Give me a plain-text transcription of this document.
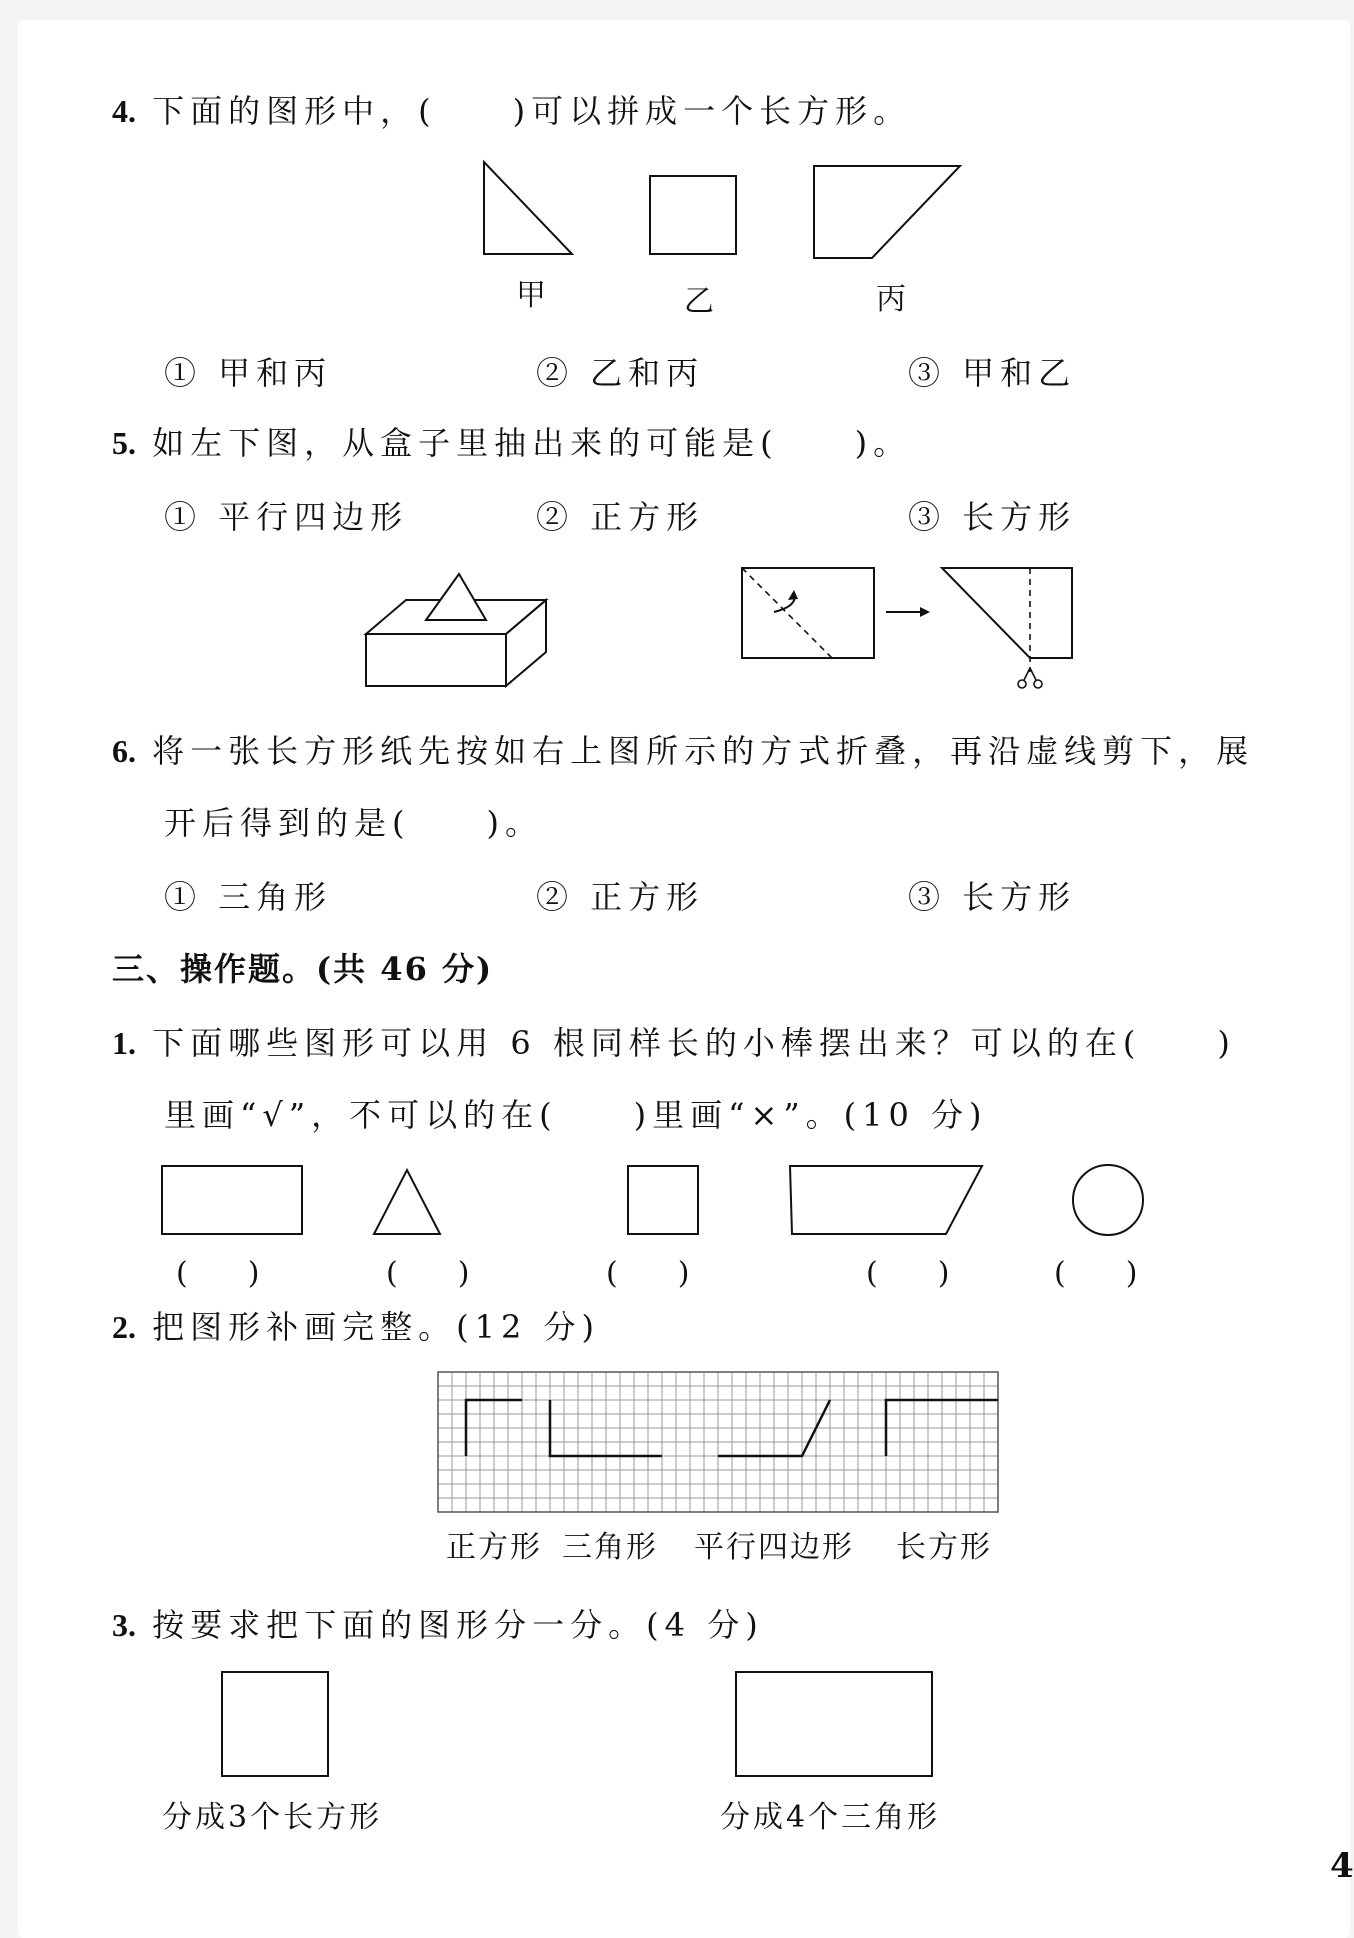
4. 下面的图形中，(　　)可以拼成一个长方形。
甲	乙	丙
① 甲和丙	② 乙和丙	③ 甲和乙
5. 如左下图，从盒子里抽出来的可能是(　　)。
① 平行四边形	② 正方形	③ 长方形
6. 将一张长方形纸先按如右上图所示的方式折叠，再沿虚线剪下，展
开后得到的是(　　)。
① 三角形	② 正方形	③ 长方形
三、操作题。(共 46 分)
1. 下面哪些图形可以用 6 根同样长的小棒摆出来？可以的在(　　)
里画“√”，不可以的在(　　)里画“×”。(10 分)
(　　)	(　　)	(　　)	(　　)	(　　)
2. 把图形补画完整。(12 分)
正方形 三角形 平行四边形 长方形
3. 按要求把下面的图形分一分。(4 分)
分成3个长方形	分成4个三角形
4
